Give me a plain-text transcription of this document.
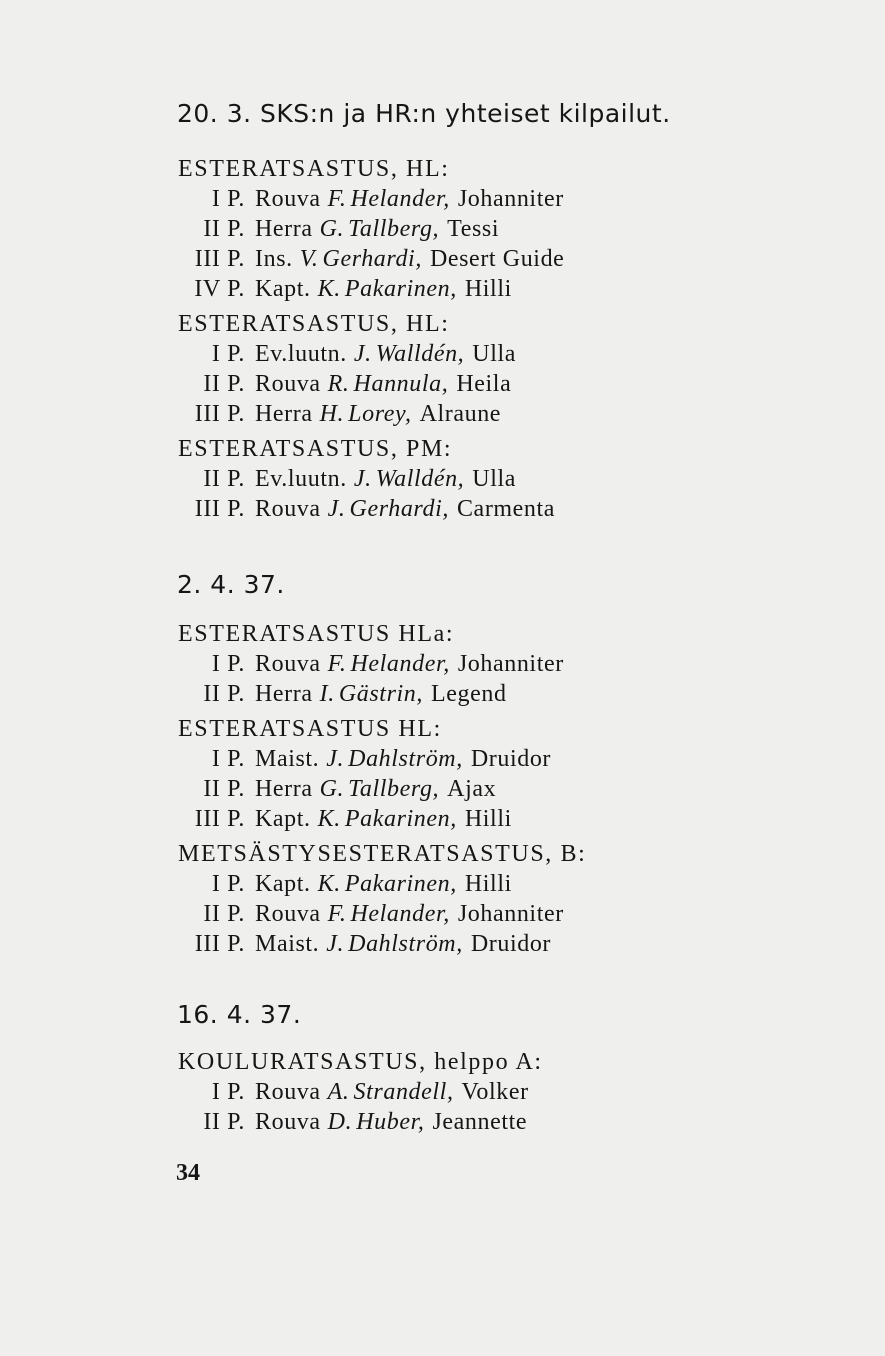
20. 3. SKS:n ja HR:n yhteiset kilpailut.
ESTERATSASTUS, HL:
I P. Rouva F. Helander, Johanniter
II P. Herra G. Tallberg, Tessi
III P. Ins. V. Gerhardi, Desert Guide
IV P. Kapt. K. Pakarinen, Hilli
ESTERATSASTUS, HL:
I P. Ev.luutn. J. Walldén, Ulla
II P. Rouva R. Hannula, Heila
III P. Herra H. Lorey, Alraune
ESTERATSASTUS, PM:
II P. Ev.luutn. J. Walldén, Ulla
III P. Rouva J. Gerhardi, Carmenta
2. 4. 37.
ESTERATSASTUS HLa:
I P. Rouva F. Helander, Johanniter
II P. Herra I. Gästrin, Legend
ESTERATSASTUS HL:
I P. Maist. J. Dahlström, Druidor
II P. Herra G. Tallberg, Ajax
III P. Kapt. K. Pakarinen, Hilli
METSÄSTYSESTERATSASTUS, B:
I P. Kapt. K. Pakarinen, Hilli
II P. Rouva F. Helander, Johanniter
III P. Maist. J. Dahlström, Druidor
16. 4. 37.
KOULURATSASTUS, helppo A:
I P. Rouva A. Strandell, Volker
II P. Rouva D. Huber, Jeannette
34
